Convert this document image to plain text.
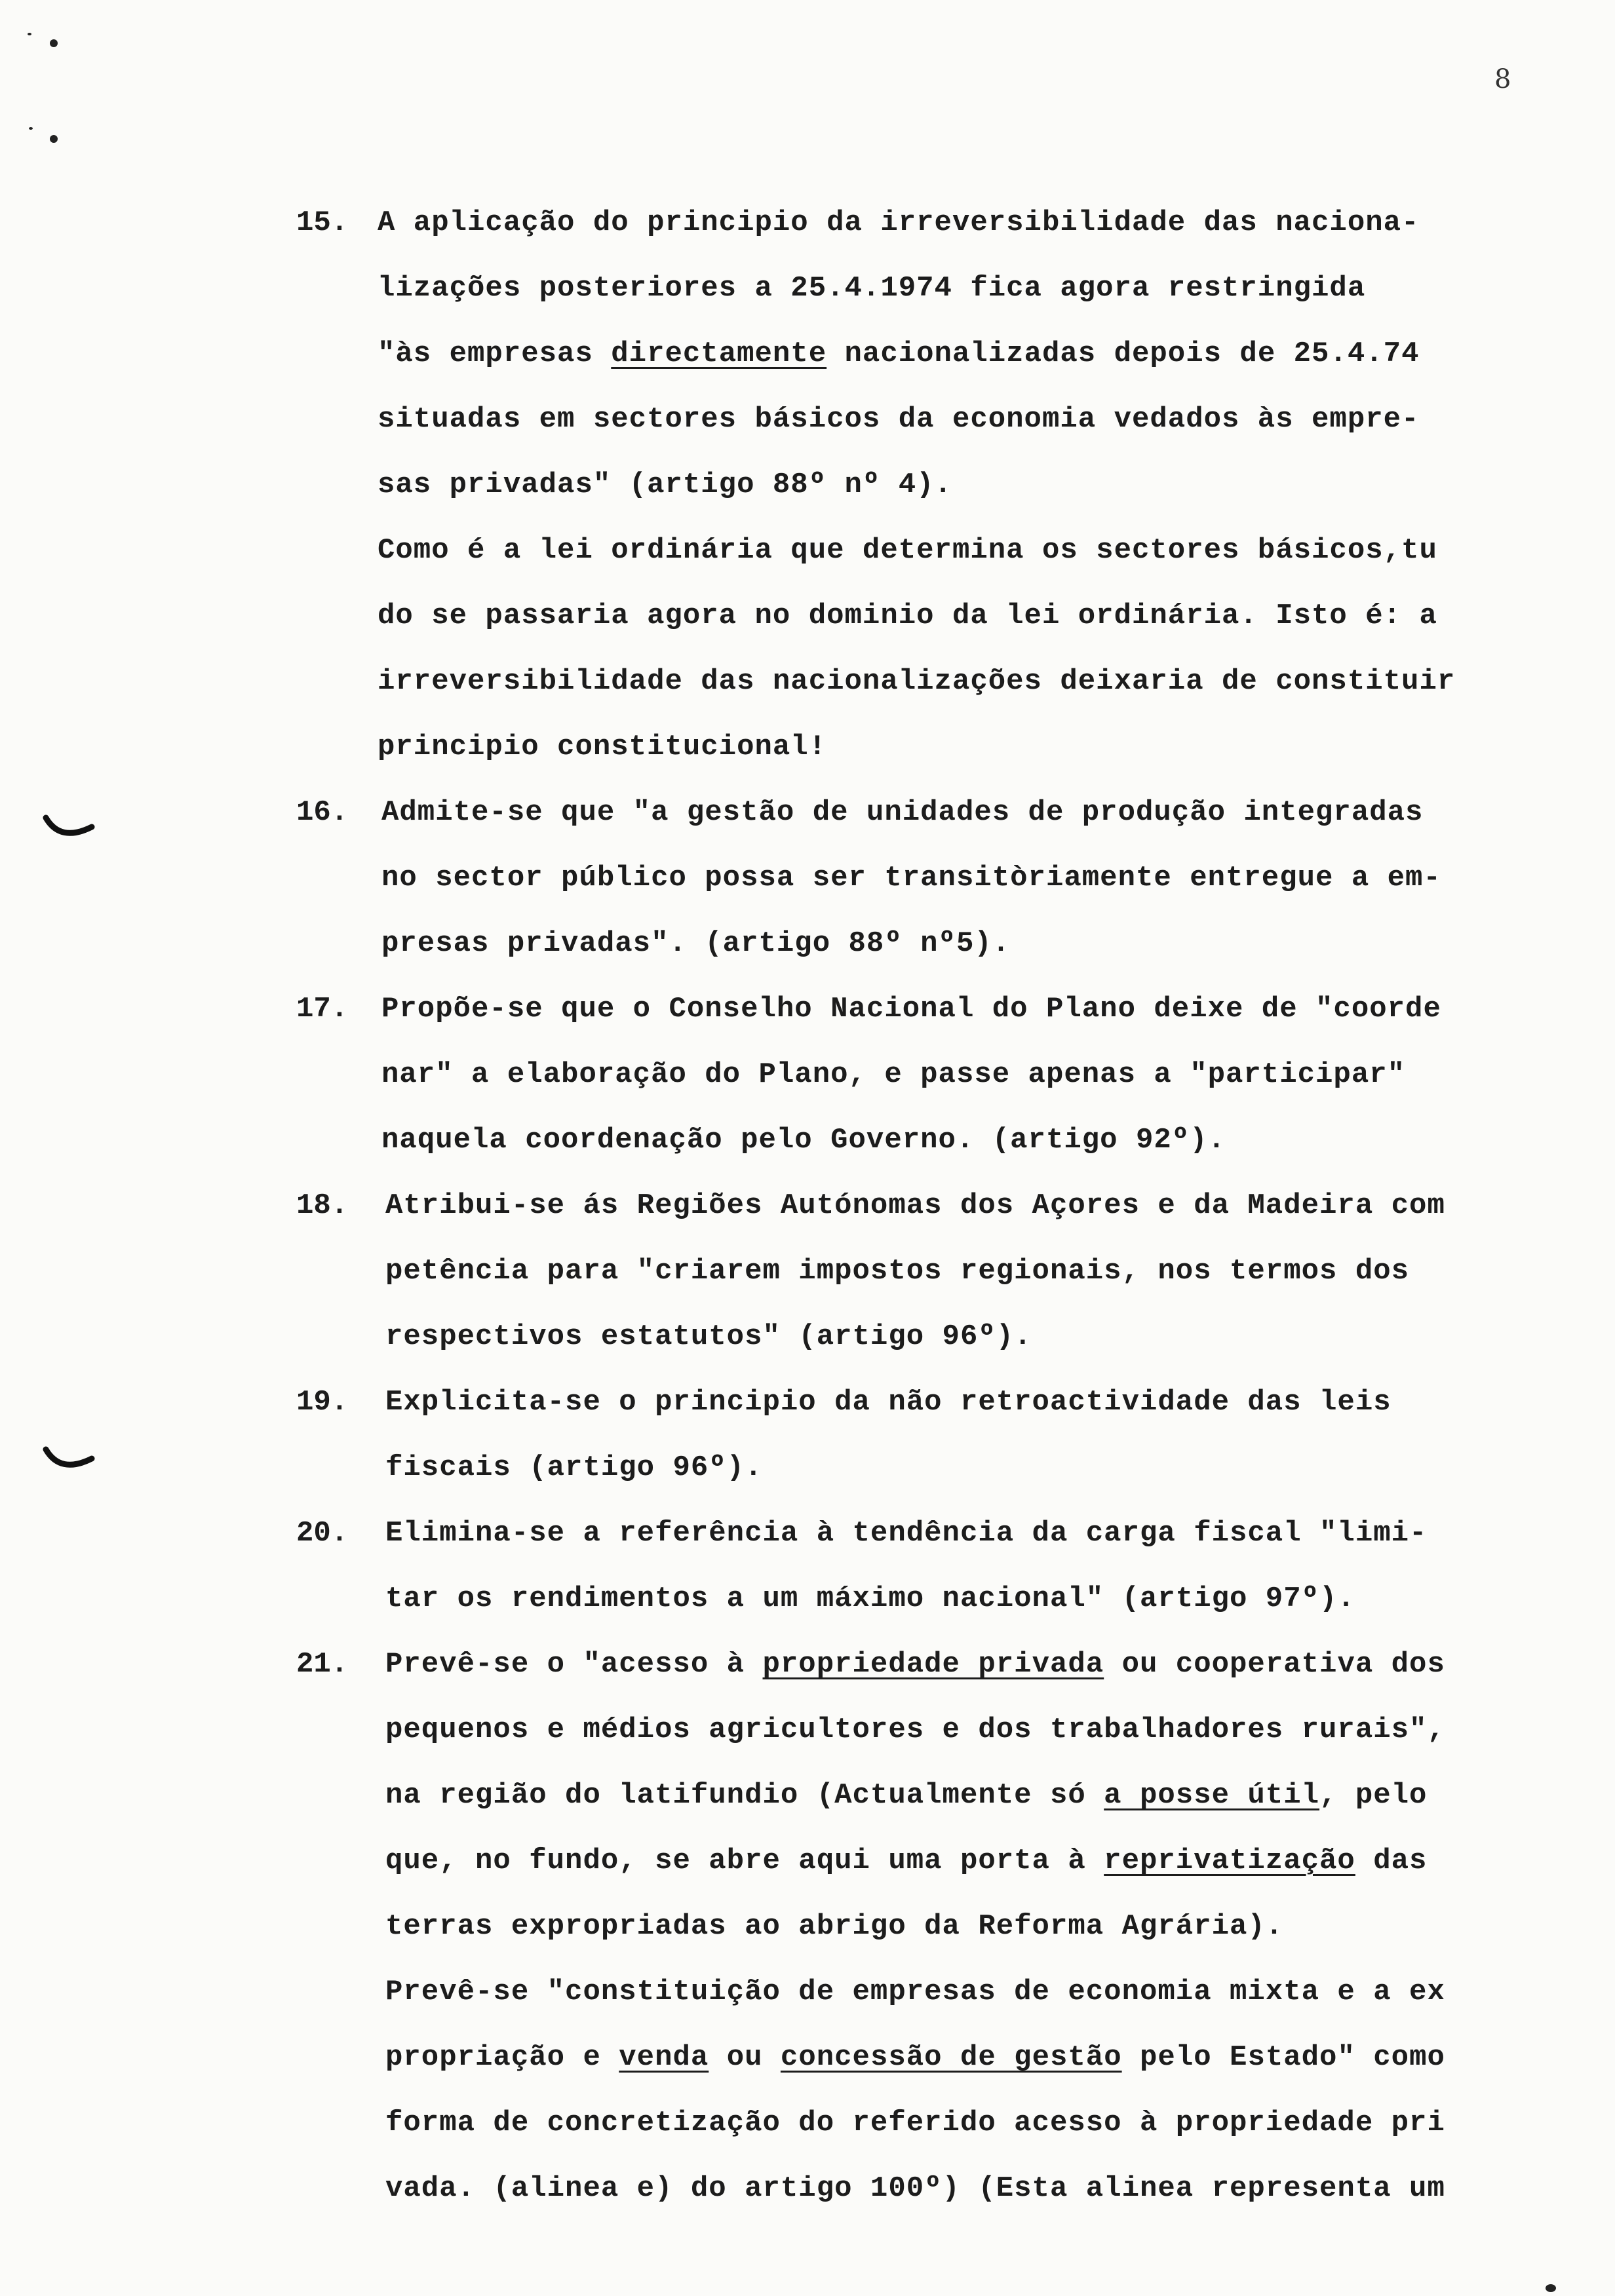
8
15. A aplicação do principio da irreversibilidade das naciona-
lizações posteriores a 25.4.1974 fica agora restringida
"às empresas directamente nacionalizadas depois de 25.4.74
situadas em sectores básicos da economia vedados às empre-
sas privadas" (artigo 88º nº 4).
Como é a lei ordinária que determina os sectores básicos,tu
do se passaria agora no dominio da lei ordinária. Isto é: a
irreversibilidade das nacionalizações deixaria de constituir
principio constitucional!
16. Admite-se que "a gestão de unidades de produção integradas
no sector público possa ser transitòriamente entregue a em-
presas privadas". (artigo 88º nº5).
17. Propõe-se que o Conselho Nacional do Plano deixe de "coorde
nar" a elaboração do Plano, e passe apenas a "participar"
naquela coordenação pelo Governo. (artigo 92º).
18. Atribui-se ás Regiões Autónomas dos Açores e da Madeira com
petência para "criarem impostos regionais, nos termos dos
respectivos estatutos" (artigo 96º).
19. Explicita-se o principio da não retroactividade das leis
fiscais (artigo 96º).
20. Elimina-se a referência à tendência da carga fiscal "limi-
tar os rendimentos a um máximo nacional" (artigo 97º).
21. Prevê-se o "acesso à propriedade privada ou cooperativa dos
pequenos e médios agricultores e dos trabalhadores rurais",
na região do latifundio (Actualmente só a posse útil, pelo
que, no fundo, se abre aqui uma porta à reprivatização das
terras expropriadas ao abrigo da Reforma Agrária).
Prevê-se "constituição de empresas de economia mixta e a ex
propriação e venda ou concessão de gestão pelo Estado" como
forma de concretização do referido acesso à propriedade pri
vada. (alinea e) do artigo 100º) (Esta alinea representa um
